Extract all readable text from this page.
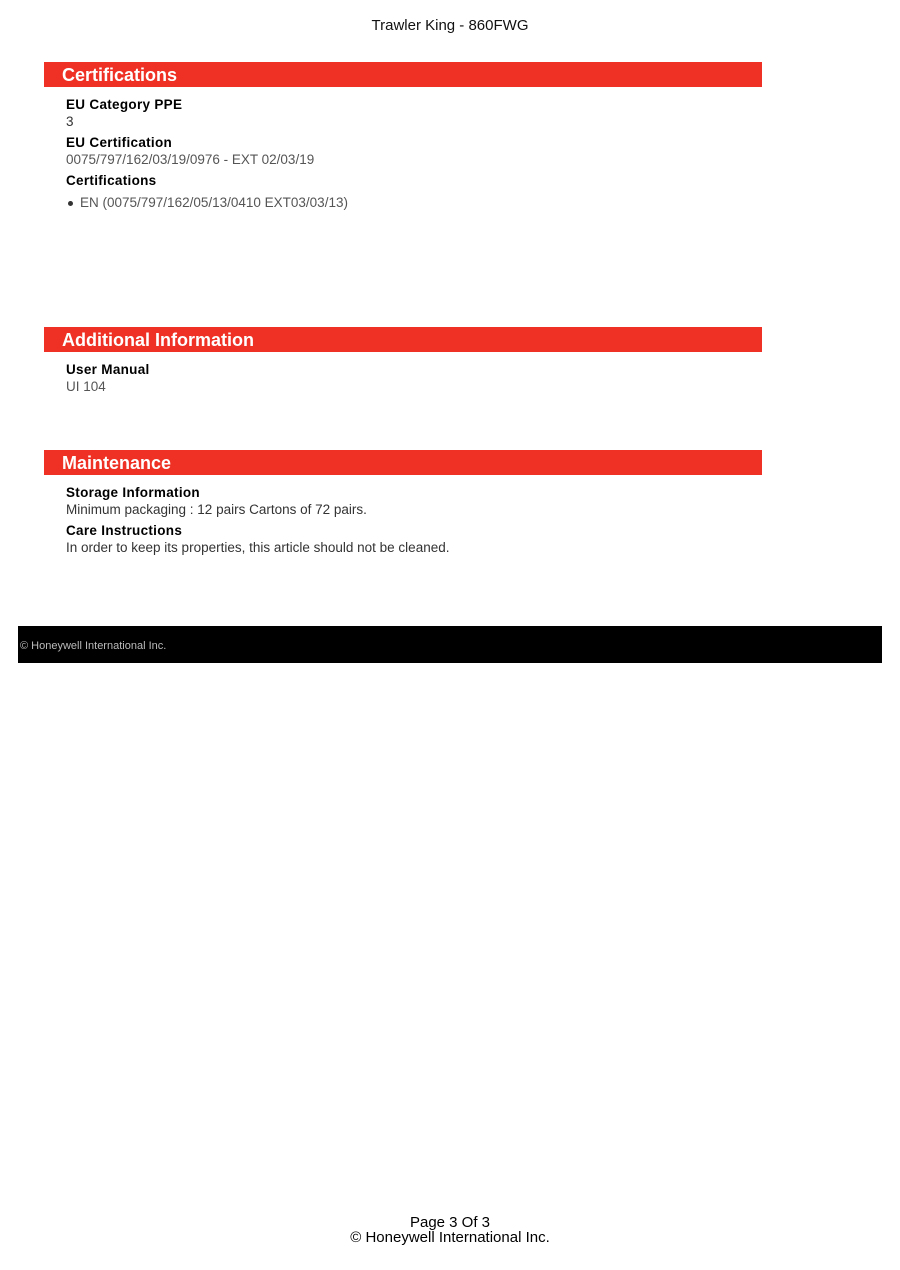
Trawler King - 860FWG
Certifications
EU Category PPE
3
EU Certification
0075/797/162/03/19/0976 - EXT 02/03/19
Certifications
EN (0075/797/162/05/13/0410 EXT03/03/13)
Additional Information
User Manual
UI 104
Maintenance
Storage Information
Minimum packaging : 12 pairs Cartons of 72 pairs.
Care Instructions
In order to keep its properties, this article should not be cleaned.
© Honeywell International Inc.
Page 3 Of 3
© Honeywell International Inc.
